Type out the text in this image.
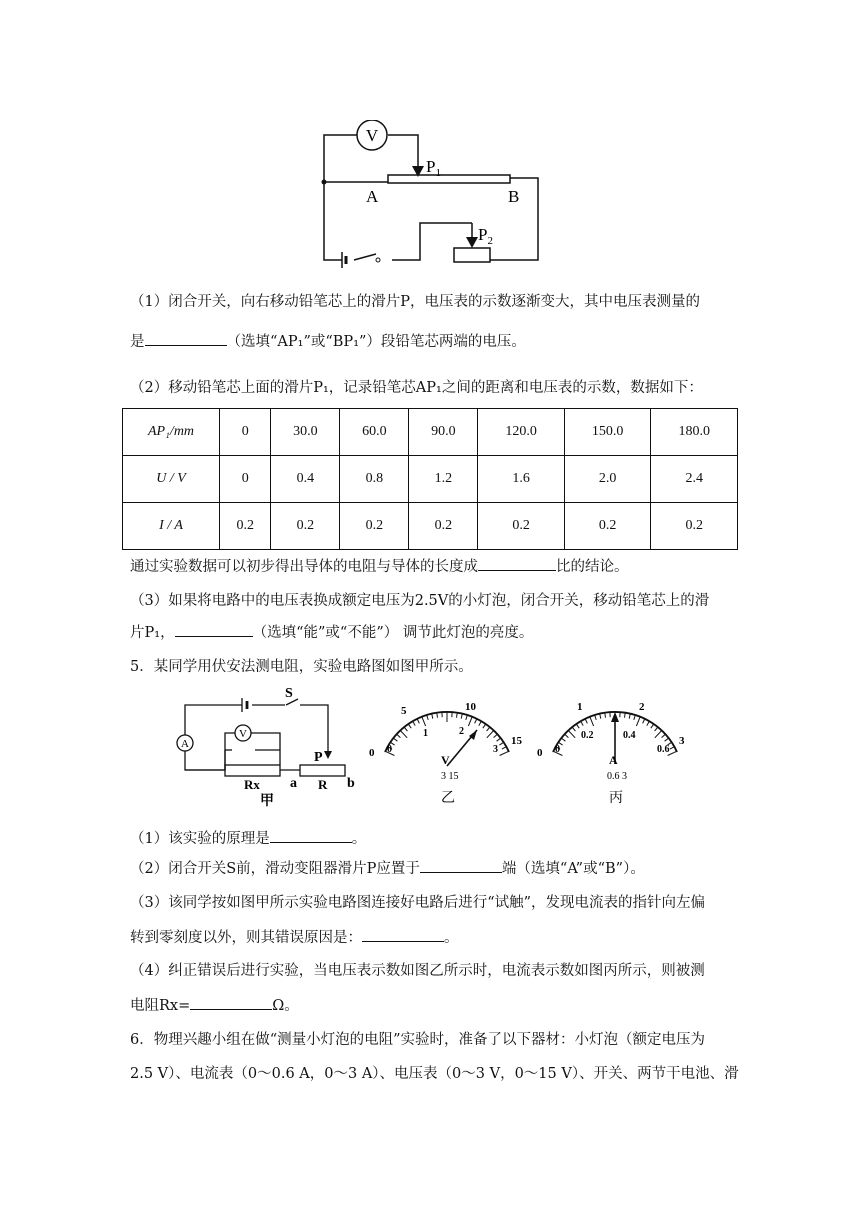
V
$P_1$
A	B
$P_2$
（1）闭合开关，向右移动铅笔芯上的滑片P，电压表的示数逐渐变大，其中电压表测量的
是	（选填“AP₁”或“BP₁”）段铅笔芯两端的电压。
（2）移动铅笔芯上面的滑片P₁，记录铅笔芯AP₁之间的距离和电压表的示数，数据如下：
AP₁/mm	0	30.0	60.0	90.0	120.0	150.0	180.0
U / V	0	0.4	0.8	1.2	1.6	2.0	2.4
I / A	0.2	0.2	0.2	0.2	0.2	0.2	0.2
通过实验数据可以初步得出导体的电阻与导体的长度成	比的结论。
（3）如果将电路中的电压表换成额定电压为2.5V的小灯泡，闭合开关，移动铅笔芯上的滑
片P₁，	（选填“能”或“不能”） 调节此灯泡的亮度。
5．某同学用伏安法测电阻，实验电路图如图甲所示。
S
A
V
Rx	R
P
a	b
甲
0
5	10
15
0
1	2
3
V
3 15
乙
0
1	2
3
0
0.2	0.4
0.6
A
0.6 3
丙
（1）该实验的原理是	。
（2）闭合开关S前，滑动变阻器滑片P应置于	端（选填“A”或“B”）。
（3）该同学按如图甲所示实验电路图连接好电路后进行“试触”，发现电流表的指针向左偏
转到零刻度以外，则其错误原因是：	。
（4）纠正错误后进行实验，当电压表示数如图乙所示时，电流表示数如图丙所示，则被测
电阻Rx=	Ω。
6．物理兴趣小组在做“测量小灯泡的电阻”实验时，准备了以下器材：小灯泡（额定电压为
2.5 V）、电流表（0～0.6 A，0～3 A）、电压表（0～3 V，0～15 V）、开关、两节干电池、滑
